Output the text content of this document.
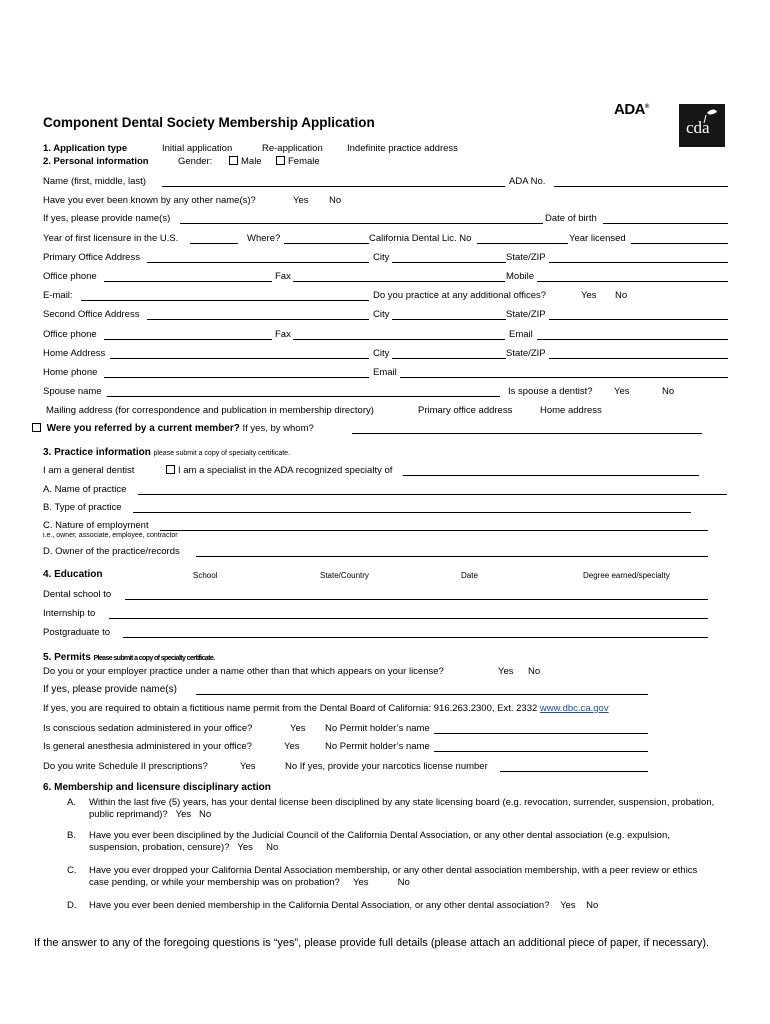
Component Dental Society Membership Application
ADA®
cda
1. Application type	Initial application	Re-application	Indefinite practice address
2. Personal information	Gender:	Male	Female
Name (first, middle, last)	ADA No.
Have you ever been known by any other name(s)?	Yes No
If yes, please provide name(s)	Date of birth
Year of first licensure in the U.S.	Where?	California Dental Lic. No	Year licensed
Primary Office Address	City	State/ZIP
Office phone	Fax	Mobile
E-mail:	Do you practice at any additional offices?	Yes No
Second Office Address	City	State/ZIP
Office phone	Fax	Email
Home Address	City	State/ZIP
Home phone	Email
Spouse name	Is spouse a dentist? Yes	No
Mailing address (for correspondence and publication in membership directory)	Primary office address	Home address
Were you referred by a current member? If yes, by whom?
3. Practice information please submit a copy of specialty certificate.
I am a general dentist	I am a specialist in the ADA recognized specialty of
A. Name of practice
B. Type of practice
C. Nature of employment
i.e., owner, associate, employee, contractor
D. Owner of the practice/records
4. Education	School	State/Country	Date	Degree earned/specialty
Dental school to
Internship to
Postgraduate to
5. Permits Please submit a copy of specialty certificate.
Do you or your employer practice under a name other than that which appears on your license?	Yes No
If yes, please provide name(s)
If yes, you are required to obtain a fictitious name permit from the Dental Board of California: 916.263.2300, Ext. 2332 www.dbc.ca.gov
Is conscious sedation administered in your office?	Yes No Permit holder’s name
Is general anesthesia administered in your office?	Yes	No Permit holder’s name
Do you write Schedule II prescriptions?	Yes	No If yes, provide your narcotics license number
6. Membership and licensure disciplinary action
A. Within the last five (5) years, has your dental license been disciplined by any state licensing board (e.g. revocation, surrender, suspension, probation, public reprimand)? Yes No
B. Have you ever been disciplined by the Judicial Council of the California Dental Association, or any other dental association (e.g. expulsion, suspension, probation, censure)? Yes No
C. Have you ever dropped your California Dental Association membership, or any other dental association membership, with a peer review or ethics case pending, or while your membership was on probation? Yes	No
D. Have you ever been denied membership in the California Dental Association, or any other dental association? Yes No
If the answer to any of the foregoing questions is “yes”, please provide full details (please attach an additional piece of paper, if necessary).
